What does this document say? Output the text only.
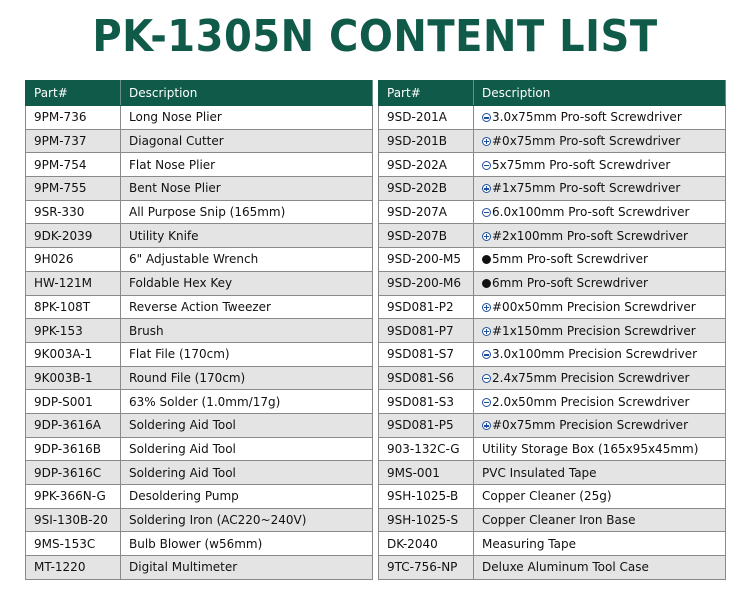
PK-1305N CONTENT LIST
Part#	Description
9PM-736	Long Nose Plier
9PM-737	Diagonal Cutter
9PM-754	Flat Nose Plier
9PM-755	Bent Nose Plier
9SR-330	All Purpose Snip (165mm)
9DK-2039	Utility Knife
9H026	6" Adjustable Wrench
HW-121M	Foldable Hex Key
8PK-108T	Reverse Action Tweezer
9PK-153	Brush
9K003A-1	Flat File (170cm)
9K003B-1	Round File (170cm)
9DP-S001	63% Solder (1.0mm/17g)
9DP-3616A	Soldering Aid Tool
9DP-3616B	Soldering Aid Tool
9DP-3616C	Soldering Aid Tool
9PK-366N-G	Desoldering Pump
9SI-130B-20	Soldering Iron (AC220~240V)
9MS-153C	Bulb Blower (w56mm)
MT-1220	Digital Multimeter
Part#	Description
9SD-201A	3.0x75mm Pro-soft Screwdriver
9SD-201B	#0x75mm Pro-soft Screwdriver
9SD-202A	5x75mm Pro-soft Screwdriver
9SD-202B	#1x75mm Pro-soft Screwdriver
9SD-207A	6.0x100mm Pro-soft Screwdriver
9SD-207B	#2x100mm Pro-soft Screwdriver
9SD-200-M5	5mm Pro-soft Screwdriver
9SD-200-M6	6mm Pro-soft Screwdriver
9SD081-P2	#00x50mm Precision Screwdriver
9SD081-P7	#1x150mm Precision Screwdriver
9SD081-S7	3.0x100mm Precision Screwdriver
9SD081-S6	2.4x75mm Precision Screwdriver
9SD081-S3	2.0x50mm Precision Screwdriver
9SD081-P5	#0x75mm Precision Screwdriver
903-132C-G	Utility Storage Box (165x95x45mm)
9MS-001	PVC Insulated Tape
9SH-1025-B	Copper Cleaner (25g)
9SH-1025-S	Copper Cleaner Iron Base
DK-2040	Measuring Tape
9TC-756-NP	Deluxe Aluminum Tool Case
